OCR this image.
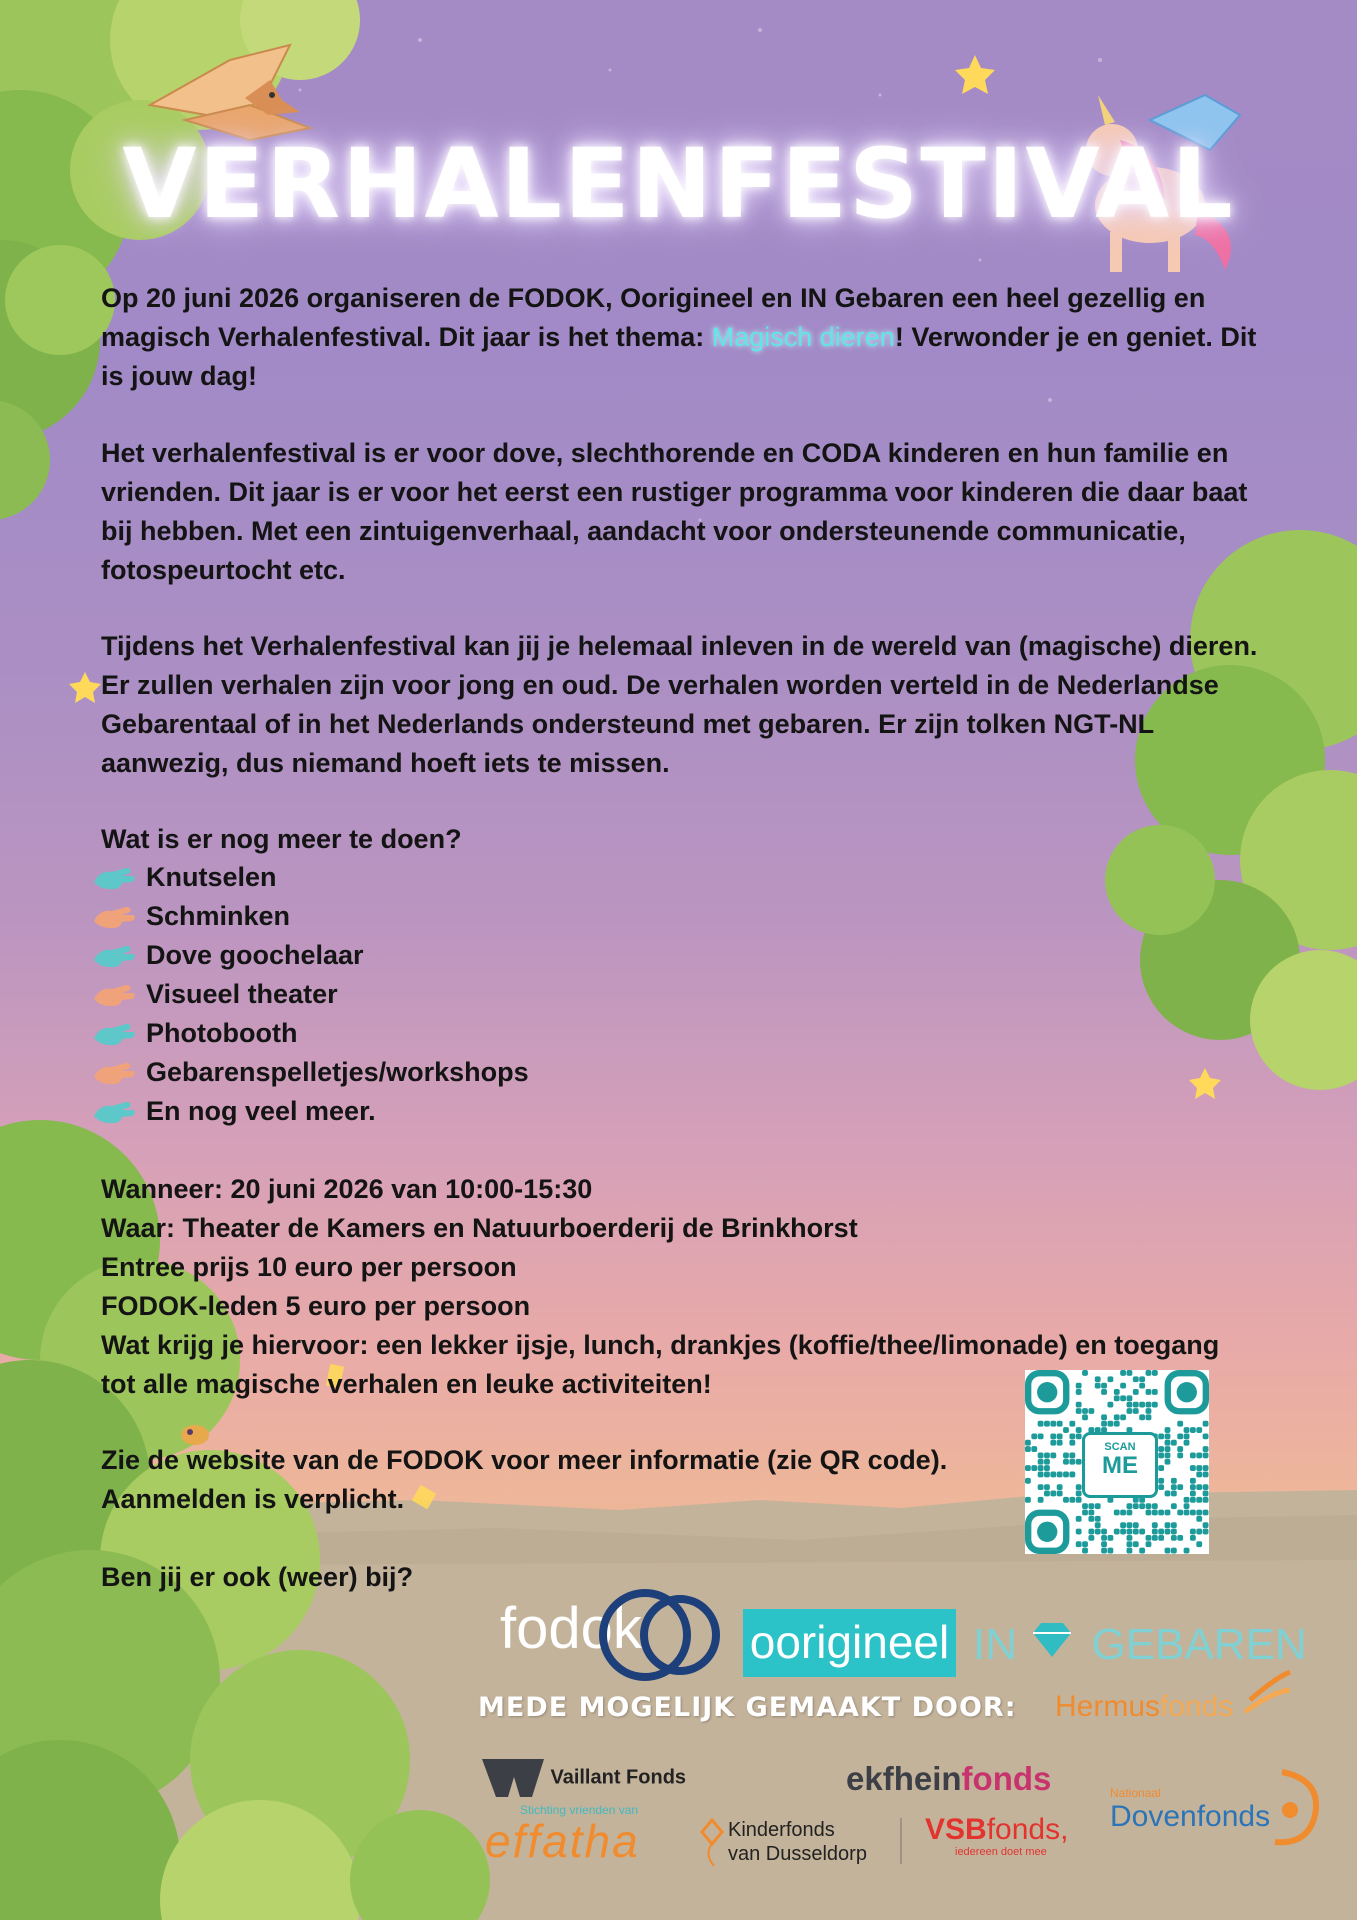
VERHALENFESTIVAL
Op 20 juni 2026 organiseren de FODOK, Oorigineel en IN Gebaren een heel gezellig en magisch Verhalenfestival. Dit jaar is het thema: Magisch dieren! Verwonder je en geniet. Dit is jouw dag!
Het verhalenfestival is er voor dove, slechthorende en CODA kinderen en hun familie en vrienden. Dit jaar is er voor het eerst een rustiger programma voor kinderen die daar baat bij hebben. Met een zintuigenverhaal, aandacht voor ondersteunende communicatie, fotospeurtocht etc.
Tijdens het Verhalenfestival kan jij je helemaal inleven in de wereld van (magische) dieren. Er zullen verhalen zijn voor jong en oud. De verhalen worden verteld in de Nederlandse Gebarentaal of in het Nederlands ondersteund met gebaren. Er zijn tolken NGT-NL aanwezig, dus niemand hoeft iets te missen.
Wat is er nog meer te doen?
Knutselen
Schminken
Dove goochelaar
Visueel theater
Photobooth
Gebarenspelletjes/workshops
En nog veel meer.
Wanneer: 20 juni 2026 van 10:00-15:30
Waar: Theater de Kamers en Natuurboerderij de Brinkhorst
Entree prijs 10 euro per persoon
FODOK-leden 5 euro per persoon
Wat krijg je hiervoor: een lekker ijsje, lunch, drankjes (koffie/thee/limonade) en toegang tot alle magische verhalen en leuke activiteiten!
Zie de website van de FODOK voor meer informatie (zie QR code).
Aanmelden is verplicht.
Ben jij er ook (weer) bij?
SCAN
ME
fodok oorigineel IN GEBAREN
MEDE MOGELIJK GEMAAKT DOOR: Hermusfonds
Vaillant Fonds	ekfheinfonds	Nationaal
Dovenfonds
Stichting vrienden van
effatha	Kinderfonds
van Dusseldorp
VSBfonds,
iedereen doet mee
